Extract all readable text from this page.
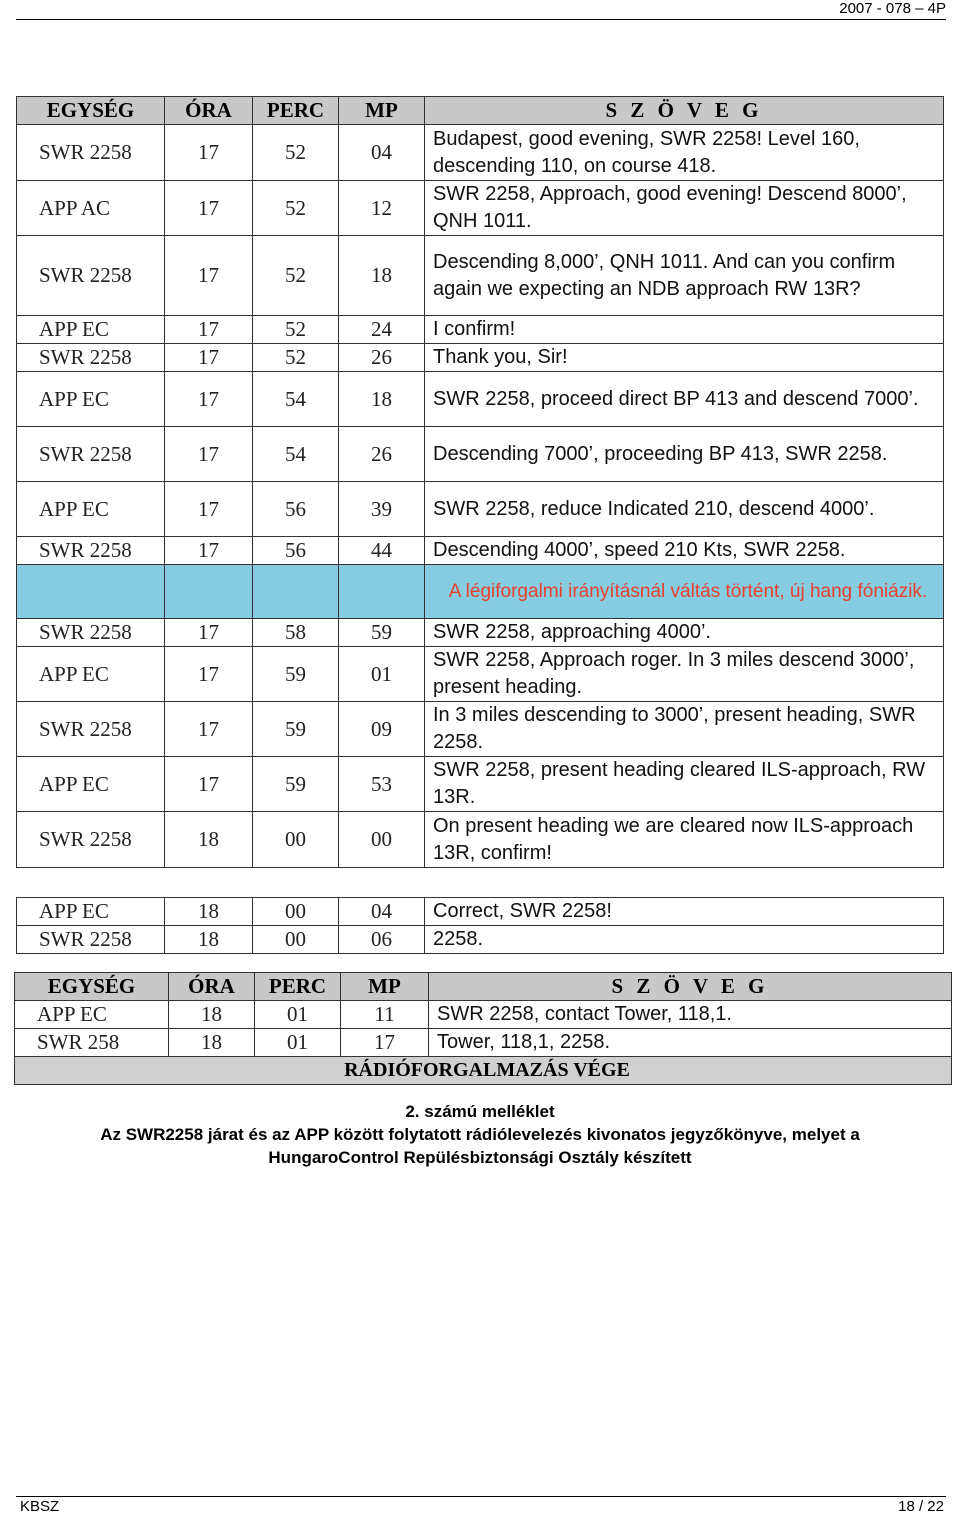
2007 - 078 – 4P
EGYSÉG	ÓRA	PERC	MP	S Z Ö V E G
SWR 2258	17	52	04	Budapest, good evening, SWR 2258! Level 160, descending 110, on course 418.
APP AC	17	52	12	SWR 2258, Approach, good evening! Descend 8000’, QNH 1011.
SWR 2258	17	52	18	Descending 8,000’, QNH 1011. And can you confirm again we expecting an NDB approach RW 13R?
APP EC	17	52	24	I confirm!
SWR 2258	17	52	26	Thank you, Sir!
APP EC	17	54	18	SWR 2258, proceed direct BP 413 and descend 7000’.
SWR 2258	17	54	26	Descending 7000’, proceeding BP 413, SWR 2258.
APP EC	17	56	39	SWR 2258, reduce Indicated 210, descend 4000’.
SWR 2258	17	56	44	Descending 4000’, speed 210 Kts, SWR 2258.
				A légiforgalmi irányításnál váltás történt, új hang fóniázik.
SWR 2258	17	58	59	SWR 2258, approaching 4000’.
APP EC	17	59	01	SWR 2258, Approach roger. In 3 miles descend 3000’, present heading.
SWR 2258	17	59	09	In 3 miles descending to 3000’, present heading, SWR 2258.
APP EC	17	59	53	SWR 2258, present heading cleared ILS-approach, RW 13R.
SWR 2258	18	00	00	On present heading we are cleared now ILS-approach 13R, confirm!

APP EC	18	00	04	Correct, SWR 2258!
SWR 2258	18	00	06	2258.
EGYSÉG	ÓRA	PERC	MP	S Z Ö V E G
APP EC	18	01	11	SWR 2258, contact Tower, 118,1.
SWR 258	18	01	17	Tower, 118,1, 2258.
RÁDIÓFORGALMAZÁS VÉGE				
2. számú melléklet
Az SWR2258 járat és az APP között folytatott rádiólevelezés kivonatos jegyzőkönyve, melyet a
HungaroControl Repülésbiztonsági Osztály készített
KBSZ	18 / 22
